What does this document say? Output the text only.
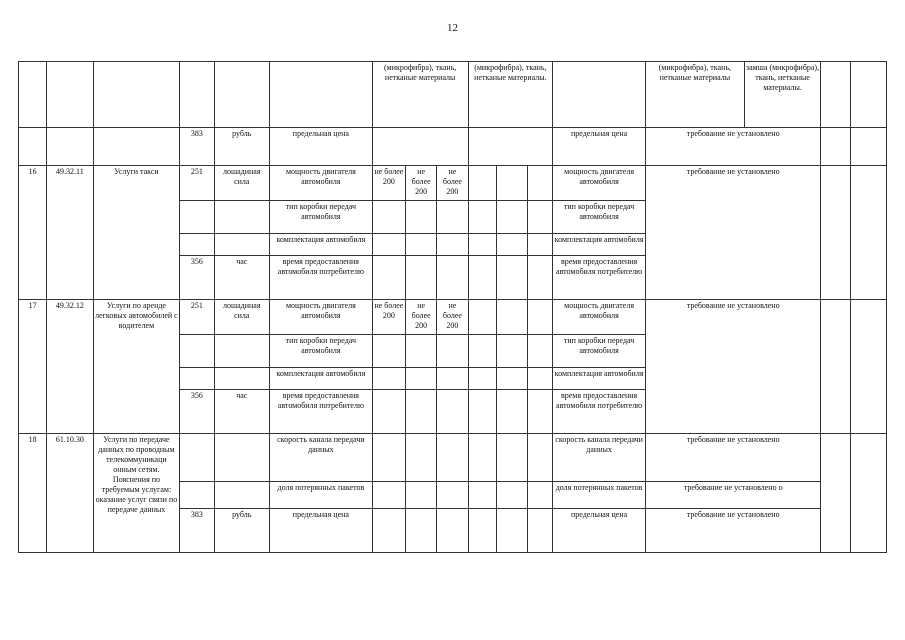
12
						(микрофибра), ткань, нетканые материалы			(микрофибра), ткань, нетканые материалы.				(микрофибра), ткань, нетканые материалы	замша (микрофибра), ткань, нетканые материалы.		
			383	рубль	предельная цена							предельная цена	требование не установлено			
16	49.32.11	Услуги такси	251	лошадиная сила	мощность двигателя автомобиля	не более 200	не более 200	не более 200				мощность двигателя автомобиля	требование не установлено			
					тип коробки передач автомобиля							тип коробки передач автомобиля				
					комплектация автомобиля							комплектация автомобиля				
			356	час	время предоставления автомобиля потребителю							время предоставления автомобиля потребителю				
17	49.32.12	Услуги по аренде легковых автомобилей с водителем	251	лошадиная сила	мощность двигателя автомобиля	не более 200	не более 200	не более 200				мощность двигателя автомобиля	требование не установлено			
					тип коробки передач автомобиля							тип коробки передач автомобиля				
					комплектация автомобиля							комплектация автомобиля				
			356	час	время предоставления автомобиля потребителю							время предоставления автомобиля потребителю				
18	61.10.30	Услуги по передаче данных по проводным телекоммуникаци онным сетям. Пояснения по требуемым услугам: оказание услуг связи по передаче данных			скорость канала передачи данных							скорость канала передачи данных	требование не установлено			
					доля потерянных пакетов							доля потерянных пакетов	требование не установлено о			
			383	рубль	предельная цена							предельная цена	требование не установлено			
